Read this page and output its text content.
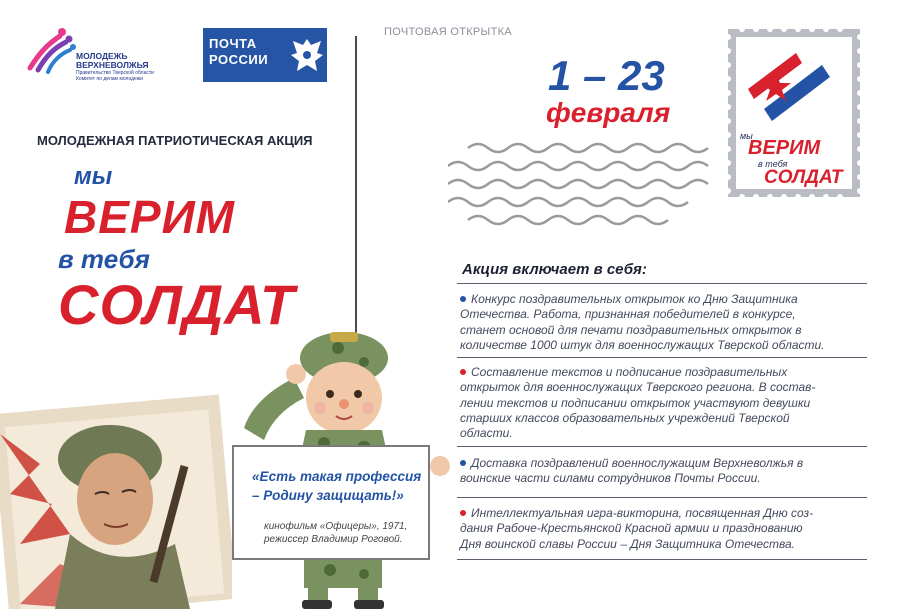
МОЛОДЕЖЬ
ВЕРХНЕВОЛЖЬЯ
Правительство Тверской области
Комитет по делам молодежи
ПОЧТА
РОССИИ
ПОЧТОВАЯ ОТКРЫТКА
1 – 23
февраля
мы
ВЕРИМ
в тебя
СОЛДАТ
МОЛОДЕЖНАЯ ПАТРИОТИЧЕСКАЯ АКЦИЯ
мы
ВЕРИМ
в тебя
СОЛДАТ
«Есть такая профессия
– Родину защищать!»
кинофильм «Офицеры», 1971,
режиссер Владимир Роговой.
Акция включает в себя:
Конкурс поздравительных открыток ко Дню Защитника
Отечества. Работа, признанная победителей в конкурсе,
станет основой для печати поздравительных открыток в
количестве 1000 штук для военнослужащих Тверской области.
Составление текстов и подписание поздравительных
открыток для военнослужащих Тверского региона. В состав-
лении текстов и подписании открыток участвуют девушки
старших классов образовательных учреждений Тверской
области.
Доставка поздравлений военнослужащим Верхневолжья в
воинские части силами сотрудников Почты России.
Интеллектуальная игра-викторина, посвященная Дню соз-
дания Рабоче-Крестьянской Красной армии и празднованию
Дня воинской славы России – Дня Защитника Отечества.
